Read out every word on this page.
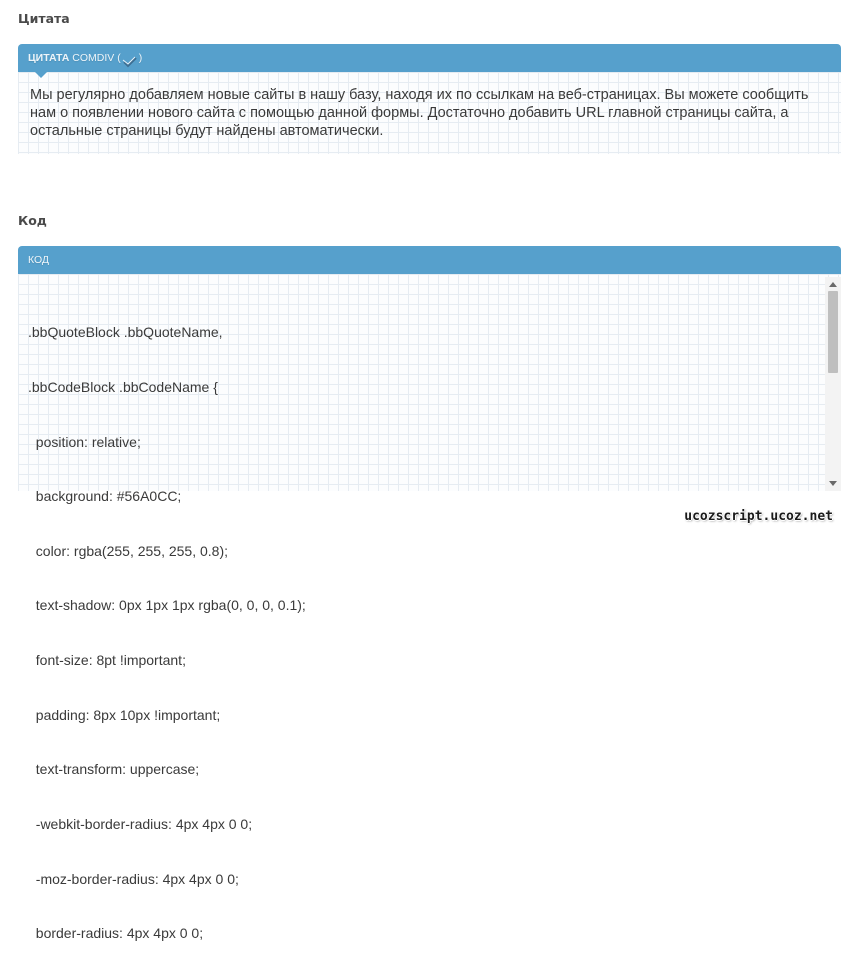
Цитата
ЦИТАТА COMDIV ( )
Мы регулярно добавляем новые сайты в нашу базу, находя их по ссылкам на веб-страницах. Вы можете сообщить нам о появлении нового сайта с помощью данной формы. Достаточно добавить URL главной страницы сайта, а остальные страницы будут найдены автоматически.
Код
КОД

.bbQuoteBlock .bbQuoteName,

.bbCodeBlock .bbCodeName {

position: relative;

background: #56A0CC;

color: rgba(255, 255, 255, 0.8);

text-shadow: 0px 1px 1px rgba(0, 0, 0, 0.1);

font-size: 8pt !important;

padding: 8px 10px !important;

text-transform: uppercase;

-webkit-border-radius: 4px 4px 0 0;

-moz-border-radius: 4px 4px 0 0;

border-radius: 4px 4px 0 0;

ucozscript.ucoz.net
